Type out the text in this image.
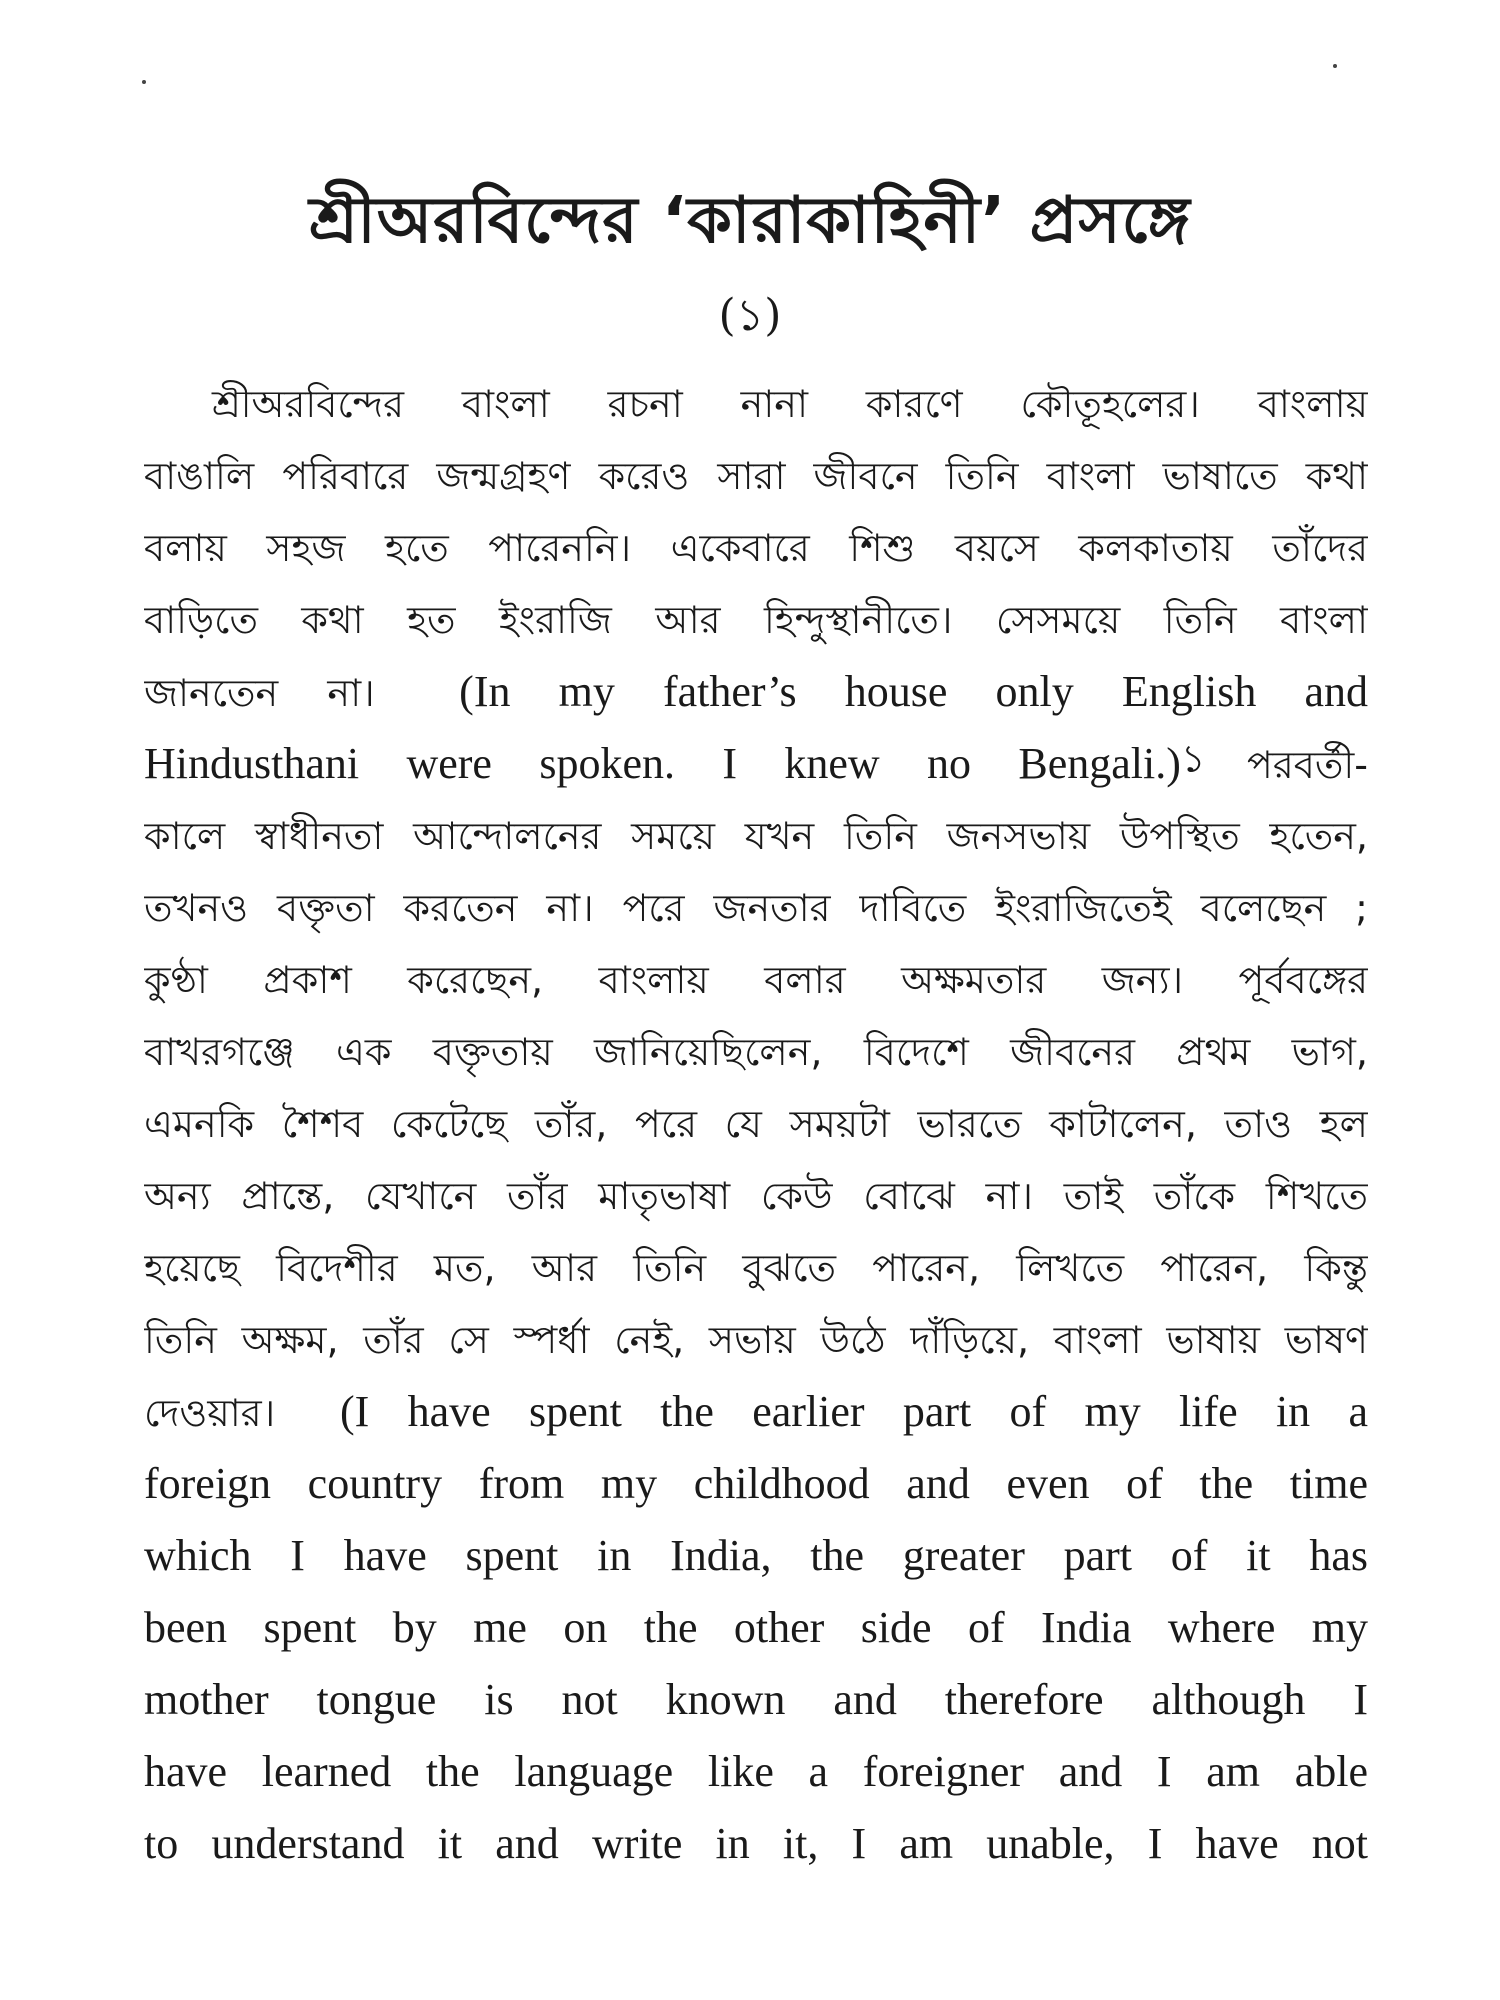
শ্রীঅরবিন্দের ‘কারাকাহিনী’ প্রসঙ্গে
(১)
শ্রীঅরবিন্দের বাংলা রচনা নানা কারণে কৌতূহলের। বাংলায়
বাঙালি পরিবারে জন্মগ্রহণ করেও সারা জীবনে তিনি বাংলা ভাষাতে কথা
বলায় সহজ হতে পারেননি। একেবারে শিশু বয়সে কলকাতায় তাঁদের
বাড়িতে কথা হত ইংরাজি আর হিন্দুস্থানীতে। সেসময়ে তিনি বাংলা
জানতেন না। (In my father’s house only English and
Hindusthani were spoken. I knew no Bengali.)$^১$ পরবর্তী-
কালে স্বাধীনতা আন্দোলনের সময়ে যখন তিনি জনসভায় উপস্থিত হতেন,
তখনও বক্তৃতা করতেন না। পরে জনতার দাবিতে ইংরাজিতেই বলেছেন ;
কুণ্ঠা প্রকাশ করেছেন, বাংলায় বলার অক্ষমতার জন্য। পূর্ববঙ্গের
বাখরগঞ্জে এক বক্তৃতায় জানিয়েছিলেন, বিদেশে জীবনের প্রথম ভাগ,
এমনকি শৈশব কেটেছে তাঁর, পরে যে সময়টা ভারতে কাটালেন, তাও হল
অন্য প্রান্তে, যেখানে তাঁর মাতৃভাষা কেউ বোঝে না। তাই তাঁকে শিখতে
হয়েছে বিদেশীর মত, আর তিনি বুঝতে পারেন, লিখতে পারেন, কিন্তু
তিনি অক্ষম, তাঁর সে স্পর্ধা নেই, সভায় উঠে দাঁড়িয়ে, বাংলা ভাষায় ভাষণ
দেওয়ার। (I have spent the earlier part of my life in a
foreign country from my childhood and even of the time
which I have spent in India, the greater part of it has
been spent by me on the other side of India where my
mother tongue is not known and therefore although I
have learned the language like a foreigner and I am able
to understand it and write in it, I am unable, I have not
